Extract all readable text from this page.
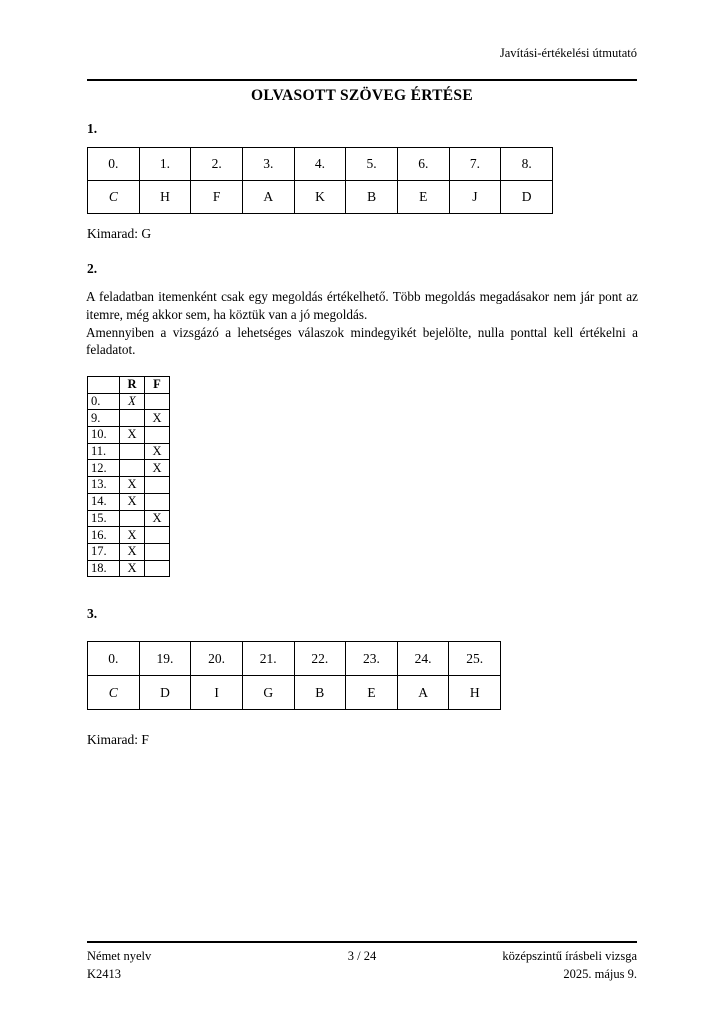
Javítási-értékelési útmutató
OLVASOTT SZÖVEG ÉRTÉSE
1.
0.	1.	2.	3.	4.	5.	6.	7.	8.
C	H	F	A	K	B	E	J	D
Kimarad: G
2.
A feladatban itemenként csak egy megoldás értékelhető. Több megoldás megadásakor nem jár pont az itemre, még akkor sem, ha köztük van a jó megoldás.
Amennyiben a vizsgázó a lehetséges válaszok mindegyikét bejelölte, nulla ponttal kell értékelni a feladatot.
	R	F
0.	X	
9.		X
10.	X	
11.		X
12.		X
13.	X	
14.	X	
15.		X
16.	X	
17.	X	
18.	X	
3.
0.	19.	20.	21.	22.	23.	24.	25.
C	D	I	G	B	E	A	H
Kimarad: F
Német nyelv
K2413
3 / 24	középszintű írásbeli vizsga
2025. május 9.
